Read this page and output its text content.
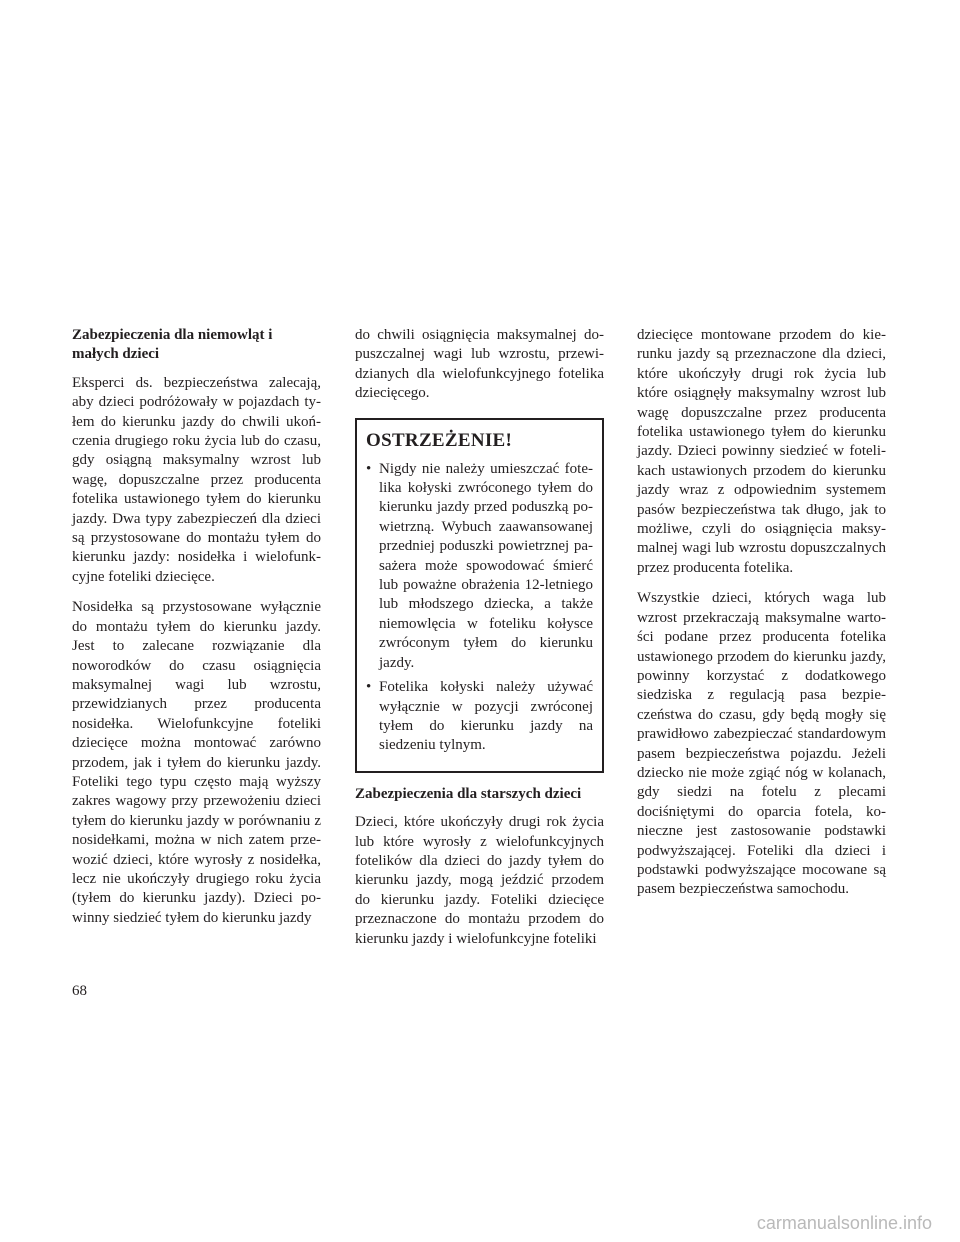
Zabezpieczenia dla niemowląt i małych dzieci

Eksperci ds. bezpieczeństwa zalecają, aby dzieci podróżowały w pojazdach tyłem do kierunku jazdy do chwili ukończenia drugiego roku życia lub do czasu, gdy osiągną maksymalny wzrost lub wagę, dopuszczalne przez producenta fotelika ustawionego tyłem do kierunku jazdy. Dwa typy zabezpieczeń dla dzieci są przystosowane do montażu tyłem do kierunku jazdy: nosidełka i wielofunkcyjne foteliki dziecięce.

Nosidełka są przystosowane wyłącznie do montażu tyłem do kierunku jazdy. Jest to zalecane rozwiązanie dla noworodków do czasu osiągnięcia maksymalnej wagi lub wzrostu, przewidzianych przez producenta nosidełka. Wielofunkcyjne foteliki dziecięce można montować zarówno przodem, jak i tyłem do kierunku jazdy. Foteliki tego typu często mają wyższy zakres wagowy przy przewożeniu dzieci tyłem do kierunku jazdy w porównaniu z nosidełkami, można w nich zatem przewozić dzieci, które wyrosły z nosidełka, lecz nie ukończyły drugiego roku życia (tyłem do kierunku jazdy). Dzieci powinny siedzieć tyłem do kierunku jazdy

do chwili osiągnięcia maksymalnej dopuszczalnej wagi lub wzrostu, przewidzianych dla wielofunkcyjnego fotelika dziecięcego.

OSTRZEŻENIE!
• Nigdy nie należy umieszczać fotelika kołyski zwróconego tyłem do kierunku jazdy przed poduszką powietrzną. Wybuch zaawansowanej przedniej poduszki powietrznej pasażera może spowodować śmierć lub poważne obrażenia 12-letniego lub młodszego dziecka, a także niemowlęcia w foteliku kołysce zwróconym tyłem do kierunku jazdy.
• Fotelika kołyski należy używać wyłącznie w pozycji zwróconej tyłem do kierunku jazdy na siedzeniu tylnym.
Zabezpieczenia dla starszych dzieci

Dzieci, które ukończyły drugi rok życia lub które wyrosły z wielofunkcyjnych fotelików dla dzieci do jazdy tyłem do kierunku jazdy, mogą jeździć przodem do kierunku jazdy. Foteliki dziecięce przeznaczone do montażu przodem do kierunku jazdy i wielofunkcyjne foteliki

dziecięce montowane przodem do kierunku jazdy są przeznaczone dla dzieci, które ukończyły drugi rok życia lub które osiągnęły maksymalny wzrost lub wagę dopuszczalne przez producenta fotelika ustawionego tyłem do kierunku jazdy. Dzieci powinny siedzieć w fotelikach ustawionych przodem do kierunku jazdy wraz z odpowiednim systemem pasów bezpieczeństwa tak długo, jak to możliwe, czyli do osiągnięcia maksymalnej wagi lub wzrostu dopuszczalnych przez producenta fotelika.

Wszystkie dzieci, których waga lub wzrost przekraczają maksymalne wartości podane przez producenta fotelika ustawionego przodem do kierunku jazdy, powinny korzystać z dodatkowego siedziska z regulacją pasa bezpieczeństwa do czasu, gdy będą mogły się prawidłowo zabezpieczać standardowym pasem bezpieczeństwa pojazdu. Jeżeli dziecko nie może zgiąć nóg w kolanach, gdy siedzi na fotelu z plecami dociśniętymi do oparcia fotela, konieczne jest zastosowanie podstawki podwyższającej. Foteliki dla dzieci i podstawki podwyższające mocowane są pasem bezpieczeństwa samochodu.

68
carmanualsonline.info
